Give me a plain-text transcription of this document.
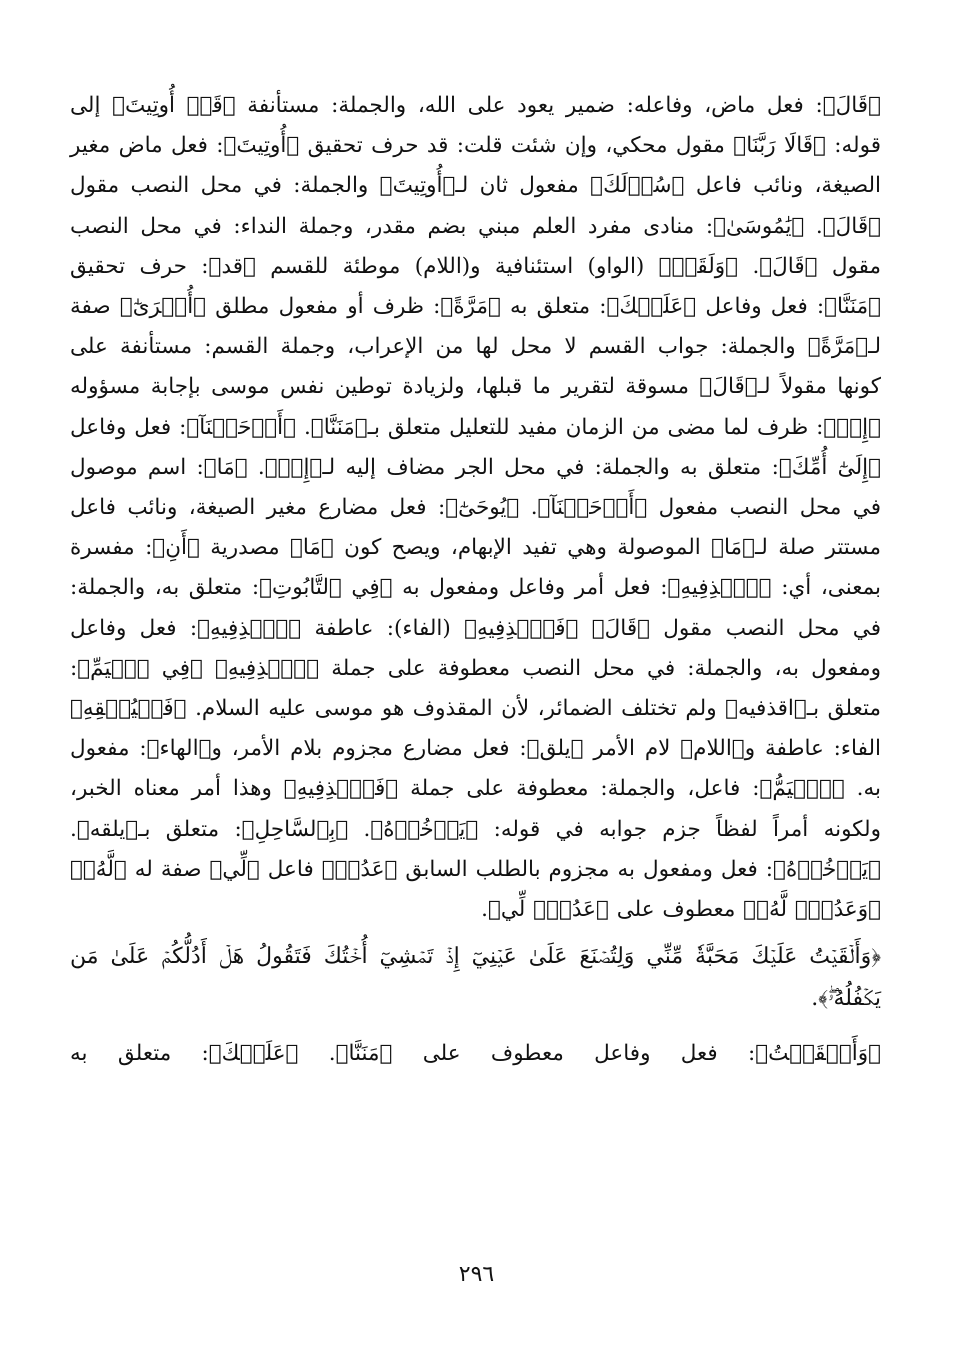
﴿قَالَ﴾: فعل ماض، وفاعله: ضمير يعود على الله، والجملة: مستأنفة ﴿قَدۡ أُوتِيتَ﴾ إلى قوله: ﴿قَالَا رَبَّنَا﴾ مقول محكي، وإن شئت قلت: قد حرف تحقيق ﴿أُوتِيتَ﴾: فعل ماض مغير الصيغة، ونائب فاعل ﴿سُؤۡلَكَ﴾ مفعول ثان لـ﴿أُوتِيتَ﴾ والجملة: في محل النصب مقول ﴿قَالَ﴾. ﴿يَٰمُوسَىٰ﴾: منادى مفرد العلم مبني بضم مقدر، وجملة النداء: في محل النصب مقول ﴿قَالَ﴾. ﴿وَلَقَدۡ﴾ (الواو) استئنافية و(اللام) موطئة للقسم ﴿قد﴾: حرف تحقيق ﴿مَنَنَّا﴾: فعل وفاعل ﴿عَلَيۡكَ﴾: متعلق به ﴿مَرَّةً﴾: ظرف أو مفعول مطلق ﴿أُخۡرَىٰٓ﴾ صفة لـ﴿مَرَّةً﴾ والجملة: جواب القسم لا محل لها من الإعراب، وجملة القسم: مستأنفة على كونها مقولاً لـ﴿قَالَ﴾ مسوقة لتقرير ما قبلها، ولزيادة توطين نفس موسى بإجابة مسؤوله ﴿إِذۡ﴾: ظرف لما مضى من الزمان مفيد للتعليل متعلق بـ﴿مَنَنَّا﴾. ﴿أَوۡحَيۡنَآ﴾: فعل وفاعل ﴿إِلَىٰٓ أُمِّكَ﴾: متعلق به والجملة: في محل الجر مضاف إليه لـ﴿إِذۡ﴾. ﴿مَا﴾: اسم موصول في محل النصب مفعول ﴿أَوۡحَيۡنَآ﴾. ﴿يُوحَىٰٓ﴾: فعل مضارع مغير الصيغة، ونائب فاعل مستتر صلة لـ﴿مَا﴾ الموصولة وهي تفيد الإبهام، ويصح كون ﴿مَا﴾ مصدرية ﴿أَنِ﴾: مفسرة بمعنى، أي: ﴿ٱقۡذِفِيهِ﴾: فعل أمر وفاعل ومفعول به ﴿فِي ٱلتَّابُوتِ﴾: متعلق به، والجملة: في محل النصب مقول ﴿قَالَ﴾ ﴿فَٱقۡذِفِيهِ﴾ (الفاء): عاطفة ﴿ٱقۡذِفِيهِ﴾: فعل وفاعل ومفعول به، والجملة: في محل النصب معطوفة على جملة ﴿ٱقۡذِفِيهِ﴾ ﴿فِي ٱلۡيَمِّ﴾: متعلق بـ﴿اقذفيه﴾ ولم تختلف الضمائر، لأن المقذوف هو موسى عليه السلام. ﴿فَلۡيُلۡقِهِ﴾ الفاء: عاطفة و﴿اللام﴾ لام الأمر ﴿يلق﴾: فعل مضارع مجزوم بلام الأمر، و﴿الهاء﴾: مفعول به. ﴿ٱلۡيَمُّ﴾: فاعل، والجملة: معطوفة على جملة ﴿فَٱقۡذِفِيهِ﴾ وهذا أمر معناه الخبر، ولكونه أمراً لفظاً جزم جوابه في قوله: ﴿يَأۡخُذۡهُ﴾. ﴿بِٱلسَّاحِلِ﴾: متعلق بـ﴿يلقه﴾. ﴿يَأۡخُذۡهُ﴾: فعل ومفعول به مجزوم بالطلب السابق ﴿عَدُوٞ﴾ فاعل ﴿لِّي﴾ صفة له ﴿لَّهُۥ﴾ ﴿وَعَدُوّٞ لَّهُۥ﴾ معطوف على ﴿عَدُوّٞ لِّي﴾.

﴿وَأَلۡقَيۡتُ عَلَيۡكَ مَحَبَّةٗ مِّنِّي وَلِتُصۡنَعَ عَلَىٰ عَيۡنِيٓ إِذۡ تَمۡشِيٓ أُخۡتُكَ فَتَقُولُ هَلۡ أَدُلُّكُمۡ عَلَىٰ مَن يَكۡفُلُهُۥۖ﴾.

﴿وَأَلۡقَيۡتُ﴾: فعل وفاعل معطوف على ﴿مَنَنَّا﴾. ﴿عَلَيۡكَ﴾: متعلق به

٢٩٦
